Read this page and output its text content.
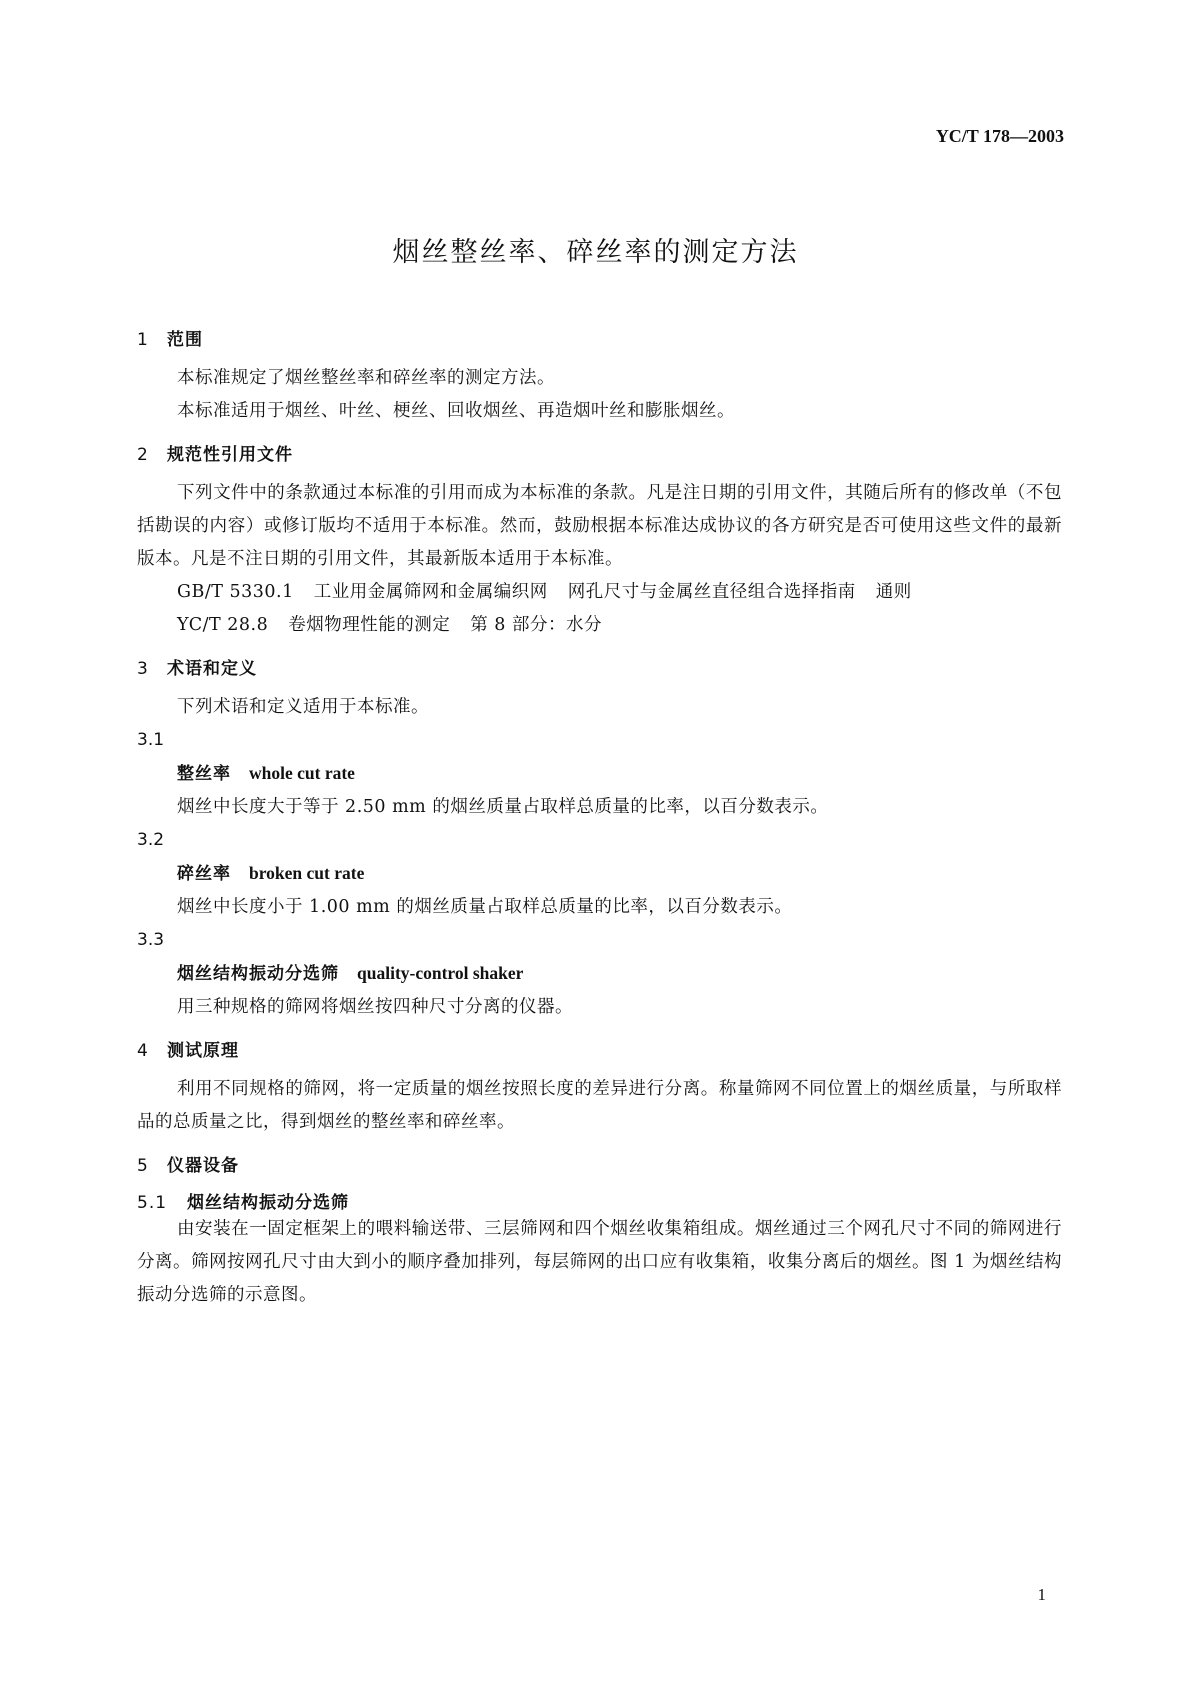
YC/T 178—2003
烟丝整丝率、碎丝率的测定方法

1 范围

本标准规定了烟丝整丝率和碎丝率的测定方法。

本标准适用于烟丝、叶丝、梗丝、回收烟丝、再造烟叶丝和膨胀烟丝。

2 规范性引用文件

下列文件中的条款通过本标准的引用而成为本标准的条款。凡是注日期的引用文件，其随后所有的修改单（不包括勘误的内容）或修订版均不适用于本标准。然而，鼓励根据本标准达成协议的各方研究是否可使用这些文件的最新版本。凡是不注日期的引用文件，其最新版本适用于本标准。

GB/T 5330.1 工业用金属筛网和金属编织网 网孔尺寸与金属丝直径组合选择指南 通则

YC/T 28.8 卷烟物理性能的测定 第 8 部分：水分

3 术语和定义

下列术语和定义适用于本标准。

3.1

整丝率 whole cut rate

烟丝中长度大于等于 2.50 mm 的烟丝质量占取样总质量的比率，以百分数表示。

3.2

碎丝率 broken cut rate

烟丝中长度小于 1.00 mm 的烟丝质量占取样总质量的比率，以百分数表示。

3.3

烟丝结构振动分选筛 quality-control shaker

用三种规格的筛网将烟丝按四种尺寸分离的仪器。

4 测试原理

利用不同规格的筛网，将一定质量的烟丝按照长度的差异进行分离。称量筛网不同位置上的烟丝质量，与所取样品的总质量之比，得到烟丝的整丝率和碎丝率。

5 仪器设备

5.1 烟丝结构振动分选筛

由安装在一固定框架上的喂料输送带、三层筛网和四个烟丝收集箱组成。烟丝通过三个网孔尺寸不同的筛网进行分离。筛网按网孔尺寸由大到小的顺序叠加排列，每层筛网的出口应有收集箱，收集分离后的烟丝。图 1 为烟丝结构振动分选筛的示意图。

1
